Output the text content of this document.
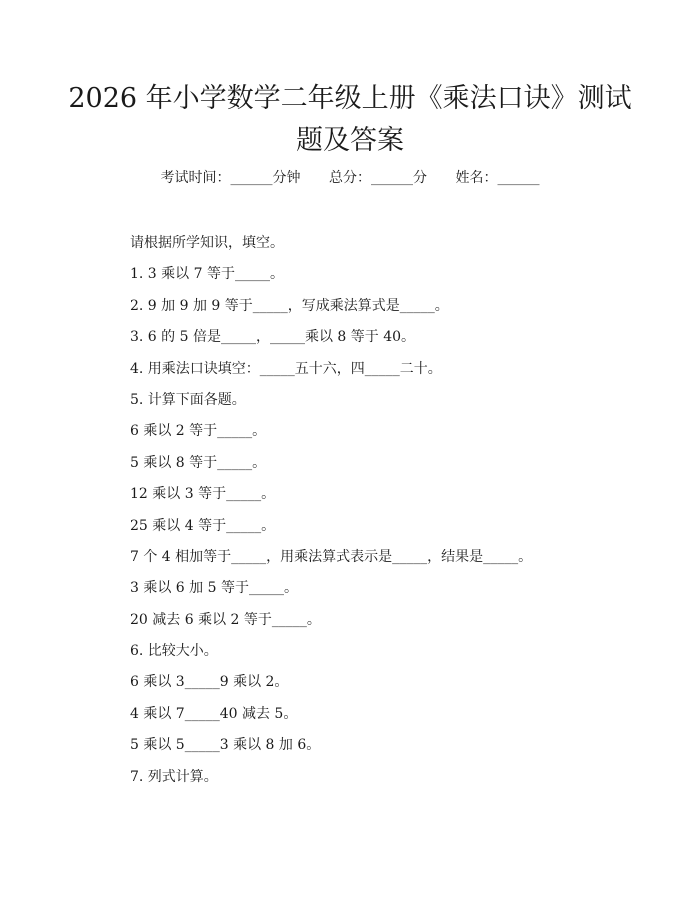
2026 年小学数学二年级上册《乘法口诀》测试题及答案
考试时间：______分钟 总分：______分 姓名：______
请根据所学知识，填空。
1. 3 乘以 7 等于_____。
2. 9 加 9 加 9 等于_____，写成乘法算式是_____。
3. 6 的 5 倍是_____，_____乘以 8 等于 40。
4. 用乘法口诀填空：_____五十六，四_____二十。
5. 计算下面各题。
6 乘以 2 等于_____。
5 乘以 8 等于_____。
12 乘以 3 等于_____。
25 乘以 4 等于_____。
7 个 4 相加等于_____，用乘法算式表示是_____，结果是_____。
3 乘以 6 加 5 等于_____。
20 减去 6 乘以 2 等于_____。
6. 比较大小。
6 乘以 3_____9 乘以 2。
4 乘以 7_____40 减去 5。
5 乘以 5_____3 乘以 8 加 6。
7. 列式计算。
